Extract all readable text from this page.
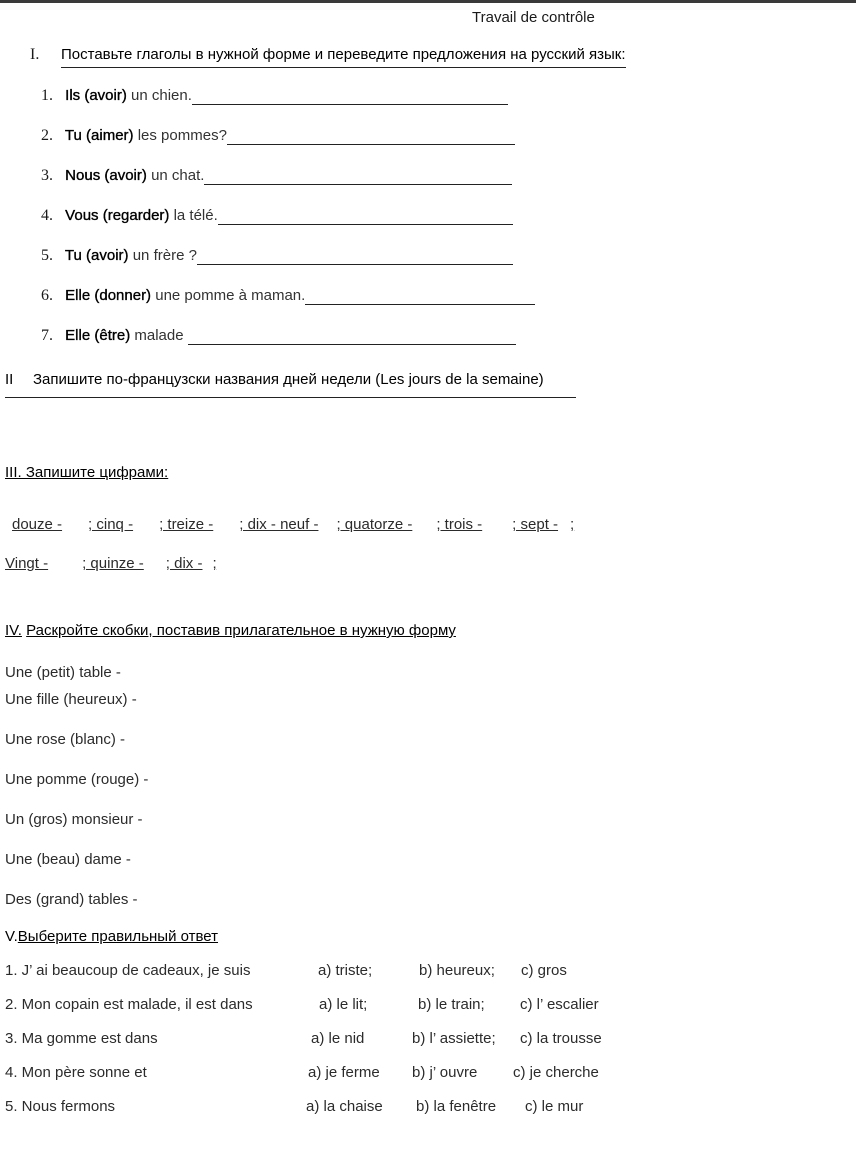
Travail de contrôle
I. Поставьте глаголы в нужной форме и переведите предложения на русский язык:
1. Ils (avoir) un chien.
2. Tu (aimer) les pommes?
3. Nous (avoir) un chat.
4. Vous (regarder) la télé.
5. Tu (avoir) un frère ?
6. Elle (donner) une pomme à maman.
7. Elle (être) malade
II Запишите по-французски названия дней недели (Les jours de la semaine)
III. Запишите цифрами:
douze - ; cinq - ; treize - ; dix - neuf - ; quatorze - ; trois - ; sept - ;
Vingt - ; quinze - ; dix - ;
IV. Раскройте скобки, поставив прилагательное в нужную форму
Une (petit) table -
Une fille (heureux) -
Une rose (blanc) -
Une pomme (rouge) -
Un (gros) monsieur -
Une (beau) dame -
Des (grand) tables -
V.Выберите правильный ответ
1. J’ ai beaucoup de cadeaux, je suis	a) triste;	b) heureux; c) gros
2. Mon copain est malade, il est dans	a) le lit;	b) le train; c) l’ escalier
3. Ma gomme est dans	a) le nid	b) l’ assiette; c) la trousse
4. Mon père sonne et	a) je ferme b) j’ ouvre c) je cherche
5. Nous fermons	a) la chaise b) la fenêtre c) le mur
